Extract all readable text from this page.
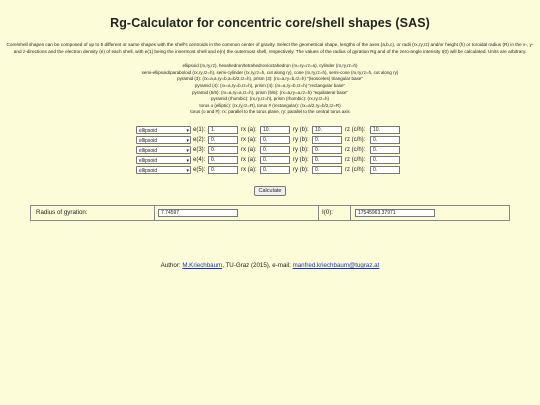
Rg-Calculator for concentric core/shell shapes (SAS)
Core/shell shapes can be composed of up to 5 different or same shapes with the shell's centroids in the common center of gravity. Select the geometrical shape, lengths of the axes (a,b,c), or radii (rx,ry,rz) and/or height (h) or toroidal radius (R) in the x-, y- and z-directions and the electron density (e) of each shell, with e(1) being the innermost shell and e(n) the outermost shell, respectively. The values of the radius of gyration Rg and of the zero-angle intensity I(0) will be calculated. Units are arbitrary.
ellipsoid (rx,ry,rz), hexahedron/tetrahedron/octahedron (rx=ry=rz=a), cylinder (rx,ry,rz=h)
semi-ellipsoid/paraboloid (rx,ry,rz=h), semi-cylinder (rx,ry,rz=h, cut along ry), cone (rx,ry,rz=h), semi-cone (rx,ry,rz=h, cut along ry)
pyramid (3): (rx=a,a,ry=b,a=b/2,rz=h), prism (3): (rx=a,ry=b,rz=h) "(isosceles) triangular base"
pyramid (4): (rx=a,ry=b,rz=h), prism (4): (rx=a,ry=b,rz=h) "rectangular base"
pyramid (5/6): (rx=a,ry=a,rz=h), prism (5/6): (rx=a,ry=a,rz=h) "equilateral base"
pyramid (rhombic): (rx,ry,rz=h), prism (rhombic): (rx,ry,rz=h)
torus o (elliptic): (rx,ry,rz=R), torus # (rectangular): (rx=a/2,ry=b/2,rz=R)
torus (o and #): rx: parallel to the torus plane, ry: parallel to the central torus axis
ellipsoid	▾ e(1):	1.	rx (a):	10.	ry (b):	10.	rz (c/h):	10.
ellipsoid	▾ e(2):	0.	rx (a):	0.	ry (b):	0.	rz (c/h):	0.
ellipsoid	▾ e(3):	0.	rx (a):	0.	ry (b):	0.	rz (c/h):	0.
ellipsoid	▾ e(4):	0.	rx (a):	0.	ry (b):	0.	rz (c/h):	0.
ellipsoid	▾ e(5):	0.	rx (a):	0.	ry (b):	0.	rz (c/h):	0.
Calculate
Radius of gyration:	7.74597	I(0):	17545963.37971
Author: M.Kriechbaum, TU-Graz (2015), e-mail: manfred.kriechbaum@tugraz.at
